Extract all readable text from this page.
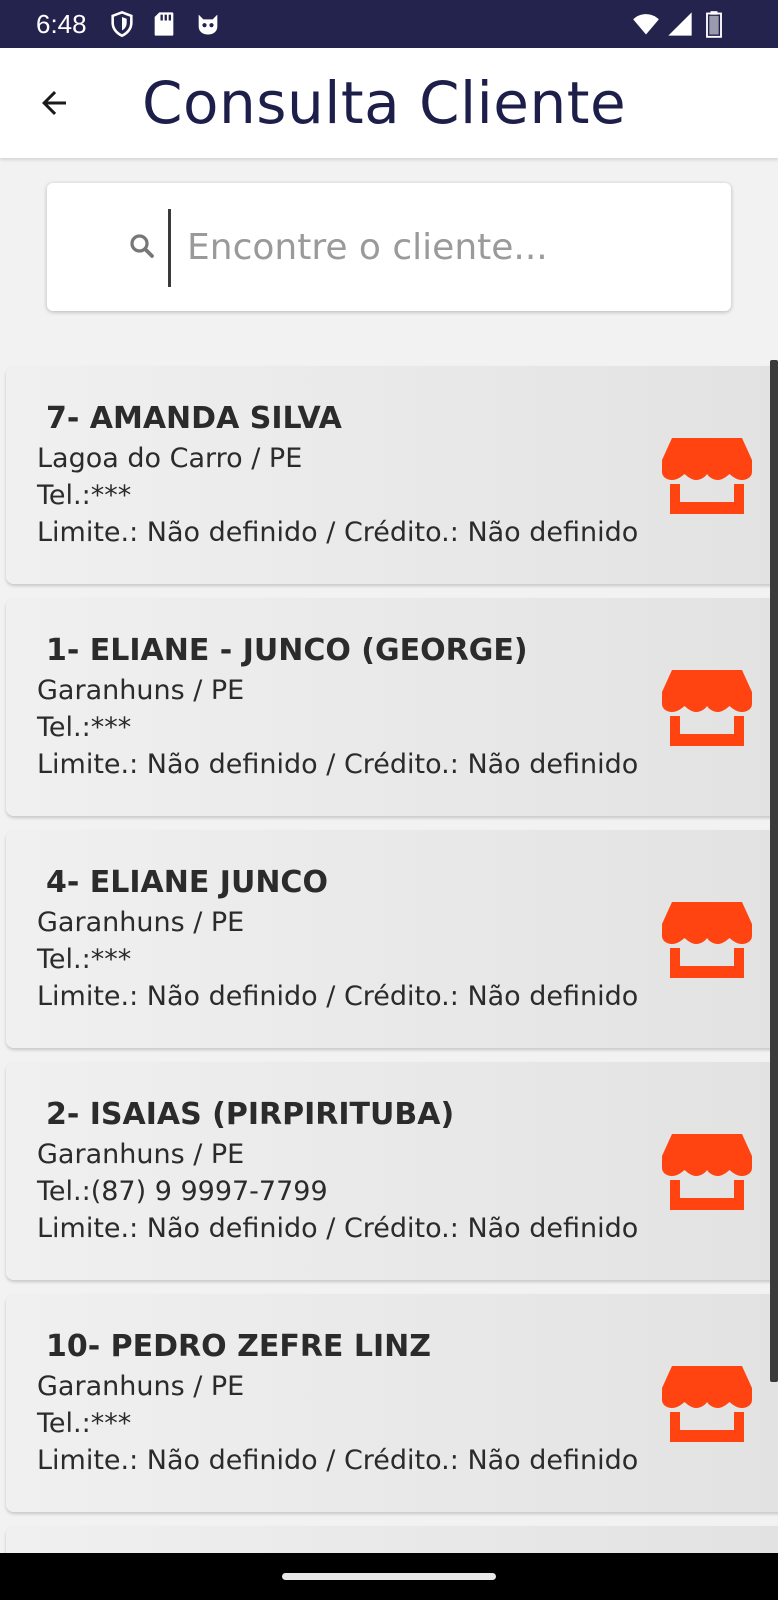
6:48
Consulta Cliente
Encontre o cliente...
7- AMANDA SILVA
Lagoa do Carro / PE
Tel.:***
Limite.: Não definido / Crédito.: Não definido
1- ELIANE - JUNCO (GEORGE)
Garanhuns / PE
Tel.:***
Limite.: Não definido / Crédito.: Não definido
4- ELIANE JUNCO
Garanhuns / PE
Tel.:***
Limite.: Não definido / Crédito.: Não definido
2- ISAIAS (PIRPIRITUBA)
Garanhuns / PE
Tel.:(87) 9 9997-7799
Limite.: Não definido / Crédito.: Não definido
10- PEDRO ZEFRE LINZ
Garanhuns / PE
Tel.:***
Limite.: Não definido / Crédito.: Não definido
